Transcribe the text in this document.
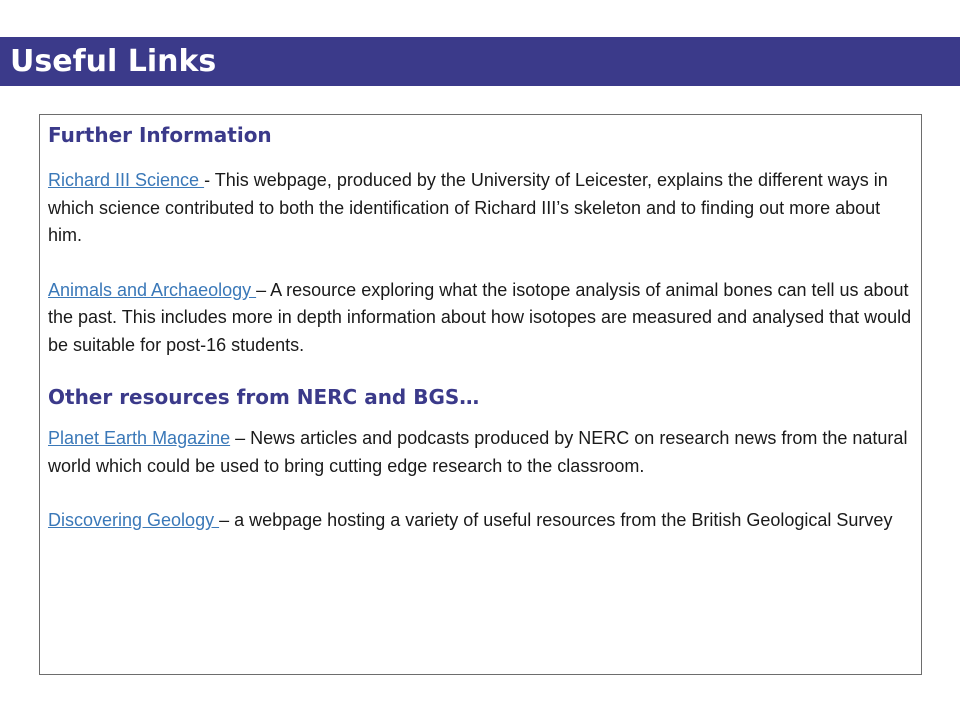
Useful Links
Further Information

Richard III Science - This webpage, produced by the University of Leicester, explains the different ways in which science contributed to both the identification of Richard III’s skeleton and to finding out more about him.

Animals and Archaeology – A resource exploring what the isotope analysis of animal bones can tell us about the past. This includes more in depth information about how isotopes are measured and analysed that would be suitable for post-16 students.

Other resources from NERC and BGS…

Planet Earth Magazine – News articles and podcasts produced by NERC on research news from the natural world which could be used to bring cutting edge research to the classroom.

Discovering Geology – a webpage hosting a variety of useful resources from the British Geological Survey
